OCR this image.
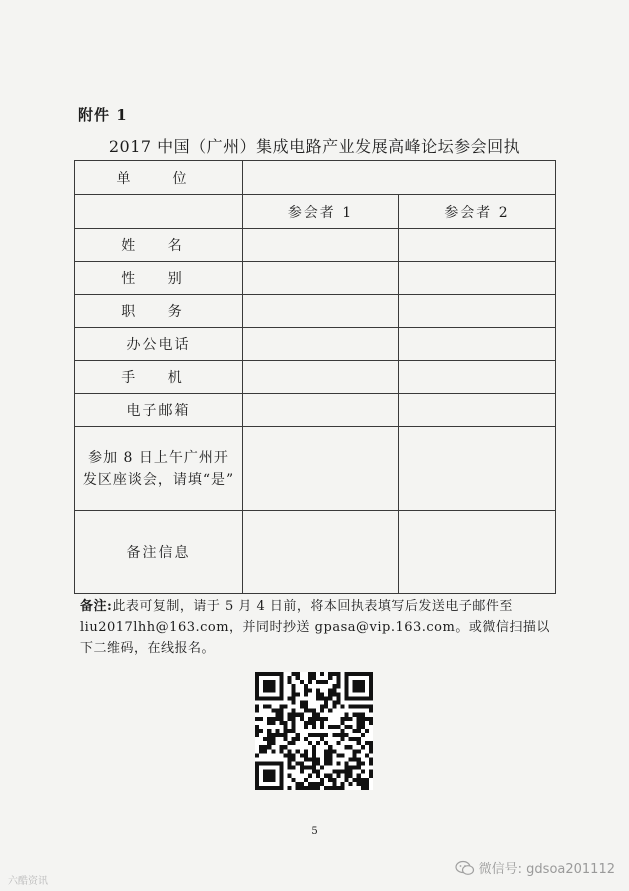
附件 1
2017 中国（广州）集成电路产业发展高峰论坛参会回执
单　位		
	参会者 1	参会者 2
姓 名		
性 别		
职 务		
办公电话		
手 机		
电子邮箱		

参加 8 日上午广州开
发区座谈会，请填“是”		

备注信息		
备注:此表可复制，请于 5 月 4 日前，将本回执表填写后发送电子邮件至 liu2017lhh@163.com，并同时抄送 gpasa@vip.163.com。或微信扫描以下二维码，在线报名。
5
六酷资讯
微信号: gdsoa201112
